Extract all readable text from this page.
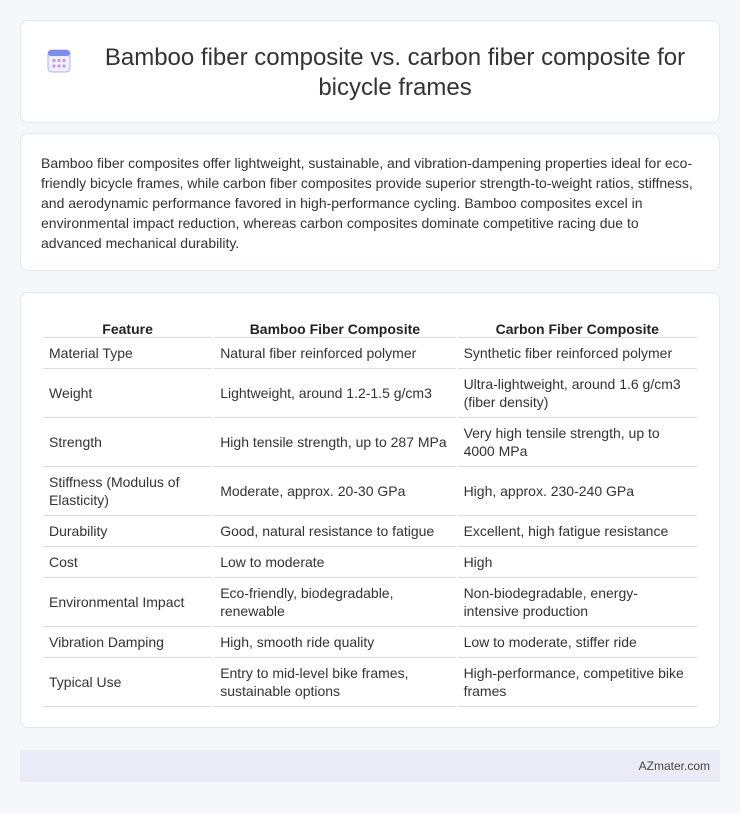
Bamboo fiber composite vs. carbon fiber composite for bicycle frames

Bamboo fiber composites offer lightweight, sustainable, and vibration-dampening properties ideal for eco-friendly bicycle frames, while carbon fiber composites provide superior strength-to-weight ratios, stiffness, and aerodynamic performance favored in high-performance cycling. Bamboo composites excel in environmental impact reduction, whereas carbon composites dominate competitive racing due to advanced mechanical durability.

Feature	Bamboo Fiber Composite	Carbon Fiber Composite
Material Type	Natural fiber reinforced polymer	Synthetic fiber reinforced polymer
Weight	Lightweight, around 1.2-1.5 g/cm3	Ultra-lightweight, around 1.6 g/cm3 (fiber density)
Strength	High tensile strength, up to 287 MPa	Very high tensile strength, up to 4000 MPa
Stiffness (Modulus of Elasticity)	Moderate, approx. 20-30 GPa	High, approx. 230-240 GPa
Durability	Good, natural resistance to fatigue	Excellent, high fatigue resistance
Cost	Low to moderate	High
Environmental Impact	Eco-friendly, biodegradable, renewable	Non-biodegradable, energy-intensive production
Vibration Damping	High, smooth ride quality	Low to moderate, stiffer ride
Typical Use	Entry to mid-level bike frames, sustainable options	High-performance, competitive bike frames
AZmater.com
